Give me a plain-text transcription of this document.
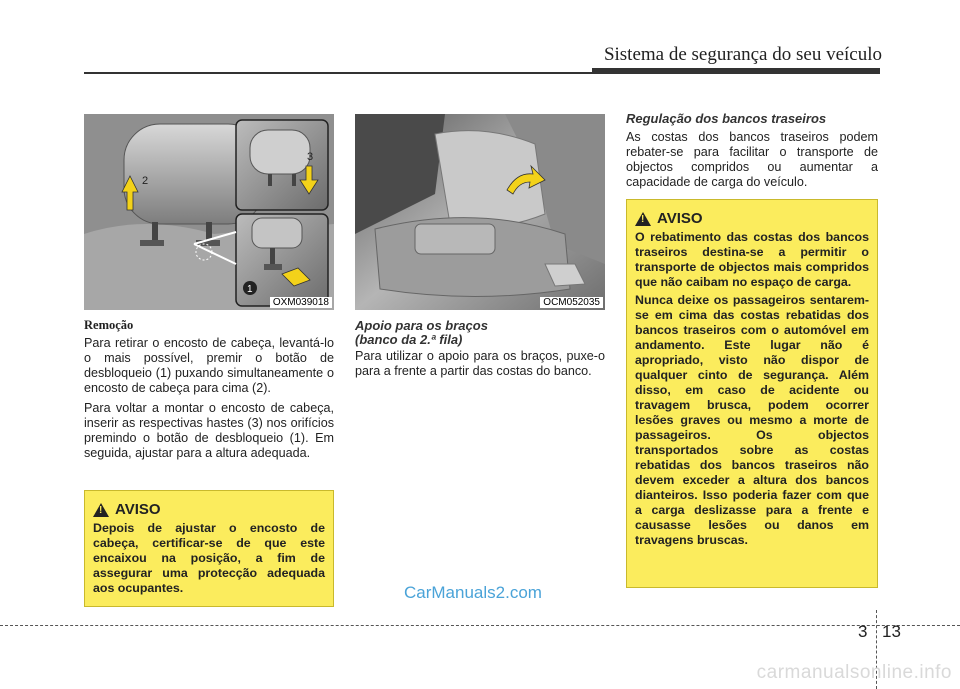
Sistema de segurança do seu veículo
2
3
1
OXM039018	OCM052035
Remoção

Para retirar o encosto de cabeça, levantá-lo o mais possível, premir o botão de desbloqueio (1) puxando simultaneamente o encosto de cabeça para cima (2).

Para voltar a montar o encosto de cabeça, inserir as respectivas hastes (3) nos orifícios premindo o botão de desbloqueio (1). Em seguida, ajustar para a altura adequada.

!
AVISO

Depois de ajustar o encosto de cabeça, certificar-se de que este encaixou na posição, a fim de assegurar uma protecção adequada aos ocupantes.

Apoio para os braços
(banco da 2.ª fila)

Para utilizar o apoio para os braços, puxe-o para a frente a partir das costas do banco.

Regulação dos bancos traseiros

As costas dos bancos traseiros podem rebater-se para facilitar o transporte de objectos compridos ou aumentar a capacidade de carga do veículo.

!
AVISO

O rebatimento das costas dos bancos traseiros destina-se a permitir o transporte de objectos mais compridos que não caibam no espaço de carga.

Nunca deixe os passageiros sentarem-se em cima das costas rebatidas dos bancos traseiros com o automóvel em andamento. Este lugar não é apropriado, visto não dispor de qualquer cinto de segurança. Além disso, em caso de acidente ou travagem brusca, podem ocorrer lesões graves ou mesmo a morte de passageiros. Os objectos transportados sobre as costas rebatidas dos bancos traseiros não devem exceder a altura dos bancos dianteiros. Isso poderia fazer com que a carga deslizasse para a frente e causasse lesões ou danos em travagens bruscas.

CarManuals2.com
3 13
carmanualsonline.info
